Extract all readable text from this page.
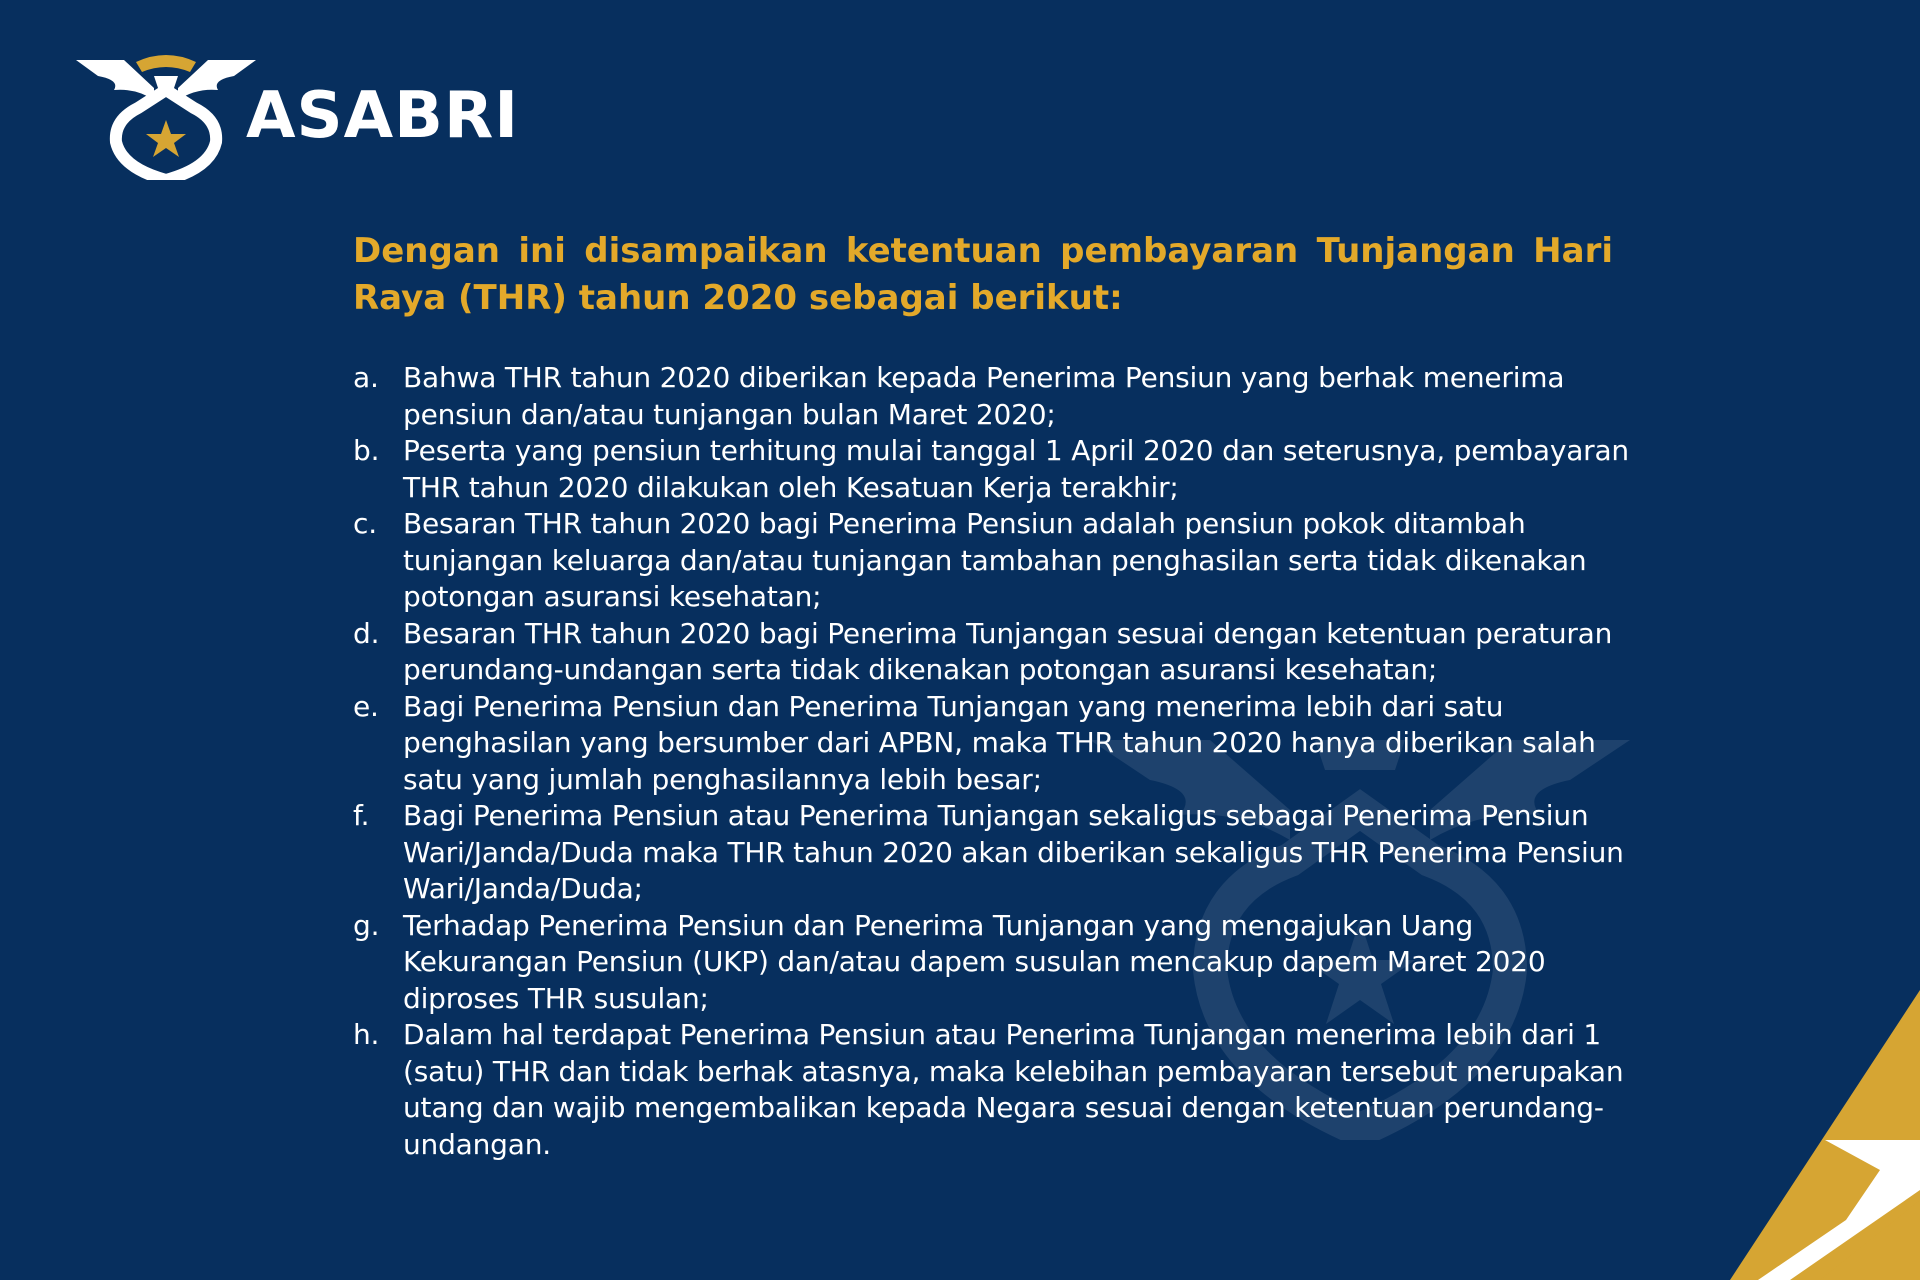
ASABRI
Dengan ini disampaikan ketentuan pembayaran Tunjangan Hari Raya (THR) tahun 2020 sebagai berikut:
a. Bahwa THR tahun 2020 diberikan kepada Penerima Pensiun yang berhak menerima pensiun dan/atau tunjangan bulan Maret 2020;
b. Peserta yang pensiun terhitung mulai tanggal 1 April 2020 dan seterusnya, pembayaran THR tahun 2020 dilakukan oleh Kesatuan Kerja terakhir;
c. Besaran THR tahun 2020 bagi Penerima Pensiun adalah pensiun pokok ditambah tunjangan keluarga dan/atau tunjangan tambahan penghasilan serta tidak dikenakan potongan asuransi kesehatan;
d. Besaran THR tahun 2020 bagi Penerima Tunjangan sesuai dengan ketentuan peraturan perundang-undangan serta tidak dikenakan potongan asuransi kesehatan;
e. Bagi Penerima Pensiun dan Penerima Tunjangan yang menerima lebih dari satu penghasilan yang bersumber dari APBN, maka THR tahun 2020 hanya diberikan salah satu yang jumlah penghasilannya lebih besar;
f.	Bagi Penerima Pensiun atau Penerima Tunjangan sekaligus sebagai Penerima Pensiun Wari/Janda/Duda maka THR tahun 2020 akan diberikan sekaligus THR Penerima Pensiun Wari/Janda/Duda;
g. Terhadap Penerima Pensiun dan Penerima Tunjangan yang mengajukan Uang Kekurangan Pensiun (UKP) dan/atau dapem susulan mencakup dapem Maret 2020 diproses THR susulan;
h. Dalam hal terdapat Penerima Pensiun atau Penerima Tunjangan menerima lebih dari 1 (satu) THR dan tidak berhak atasnya, maka kelebihan pembayaran tersebut merupakan utang dan wajib mengembalikan kepada Negara sesuai dengan ketentuan perundang-undangan.
